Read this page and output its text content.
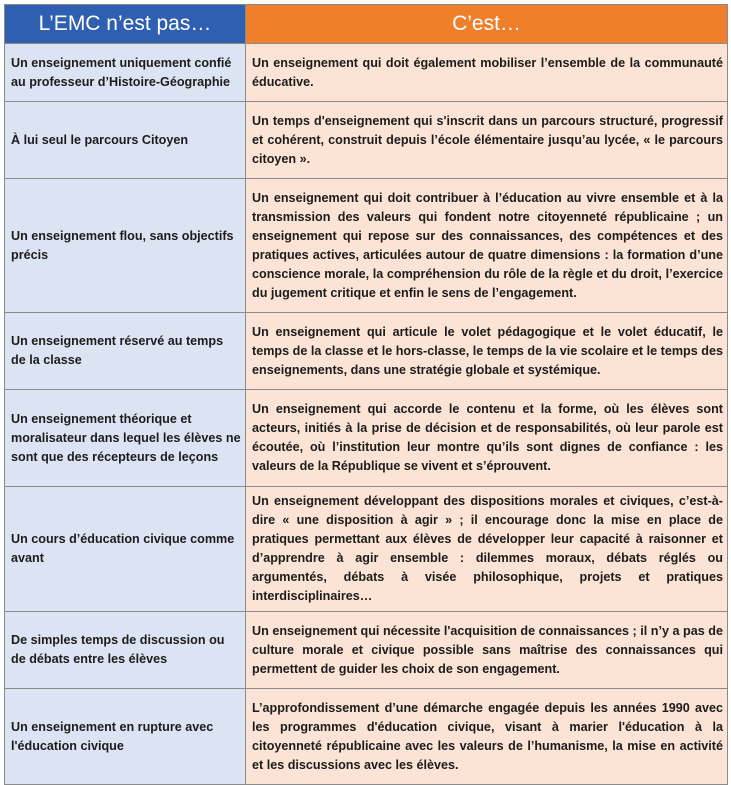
L’EMC n’est pas…	C’est…
Un enseignement uniquement confié au professeur d’Histoire-Géographie	Un enseignement qui doit également mobiliser l’ensemble de la communauté éducative.
À lui seul le parcours Citoyen	Un temps d'enseignement qui s'inscrit dans un parcours structuré, progressif et cohérent, construit depuis l’école élémentaire jusqu’au lycée, « le parcours citoyen ».
Un enseignement flou, sans objectifs précis	Un enseignement qui doit contribuer à l’éducation au vivre ensemble et à la transmission des valeurs qui fondent notre citoyenneté républicaine ; un enseignement qui repose sur des connaissances, des compétences et des pratiques actives, articulées autour de quatre dimensions : la formation d’une conscience morale, la compréhension du rôle de la règle et du droit, l’exercice du jugement critique et enfin le sens de l’engagement.
Un enseignement réservé au temps de la classe	Un enseignement qui articule le volet pédagogique et le volet éducatif, le temps de la classe et le hors-classe, le temps de la vie scolaire et le temps des enseignements, dans une stratégie globale et systémique.
Un enseignement théorique et moralisateur dans lequel les élèves ne sont que des récepteurs de leçons	Un enseignement qui accorde le contenu et la forme, où les élèves sont acteurs, initiés à la prise de décision et de responsabilités, où leur parole est écoutée, où l’institution leur montre qu’ils sont dignes de confiance : les valeurs de la République se vivent et s’éprouvent.
Un cours d’éducation civique comme avant	Un enseignement développant des dispositions morales et civiques, c’est-à-dire « une disposition à agir » ; il encourage donc la mise en place de pratiques permettant aux élèves de développer leur capacité à raisonner et d’apprendre à agir ensemble : dilemmes moraux, débats réglés ou argumentés, débats à visée philosophique, projets et pratiques interdisciplinaires…
De simples temps de discussion ou de débats entre les élèves	Un enseignement qui nécessite l'acquisition de connaissances ; il n’y a pas de culture morale et civique possible sans maîtrise des connaissances qui permettent de guider les choix de son engagement.
Un enseignement en rupture avec l'éducation civique	L’approfondissement d’une démarche engagée depuis les années 1990 avec les programmes d'éducation civique, visant à marier l'éducation à la citoyenneté républicaine avec les valeurs de l’humanisme, la mise en activité et les discussions avec les élèves.
